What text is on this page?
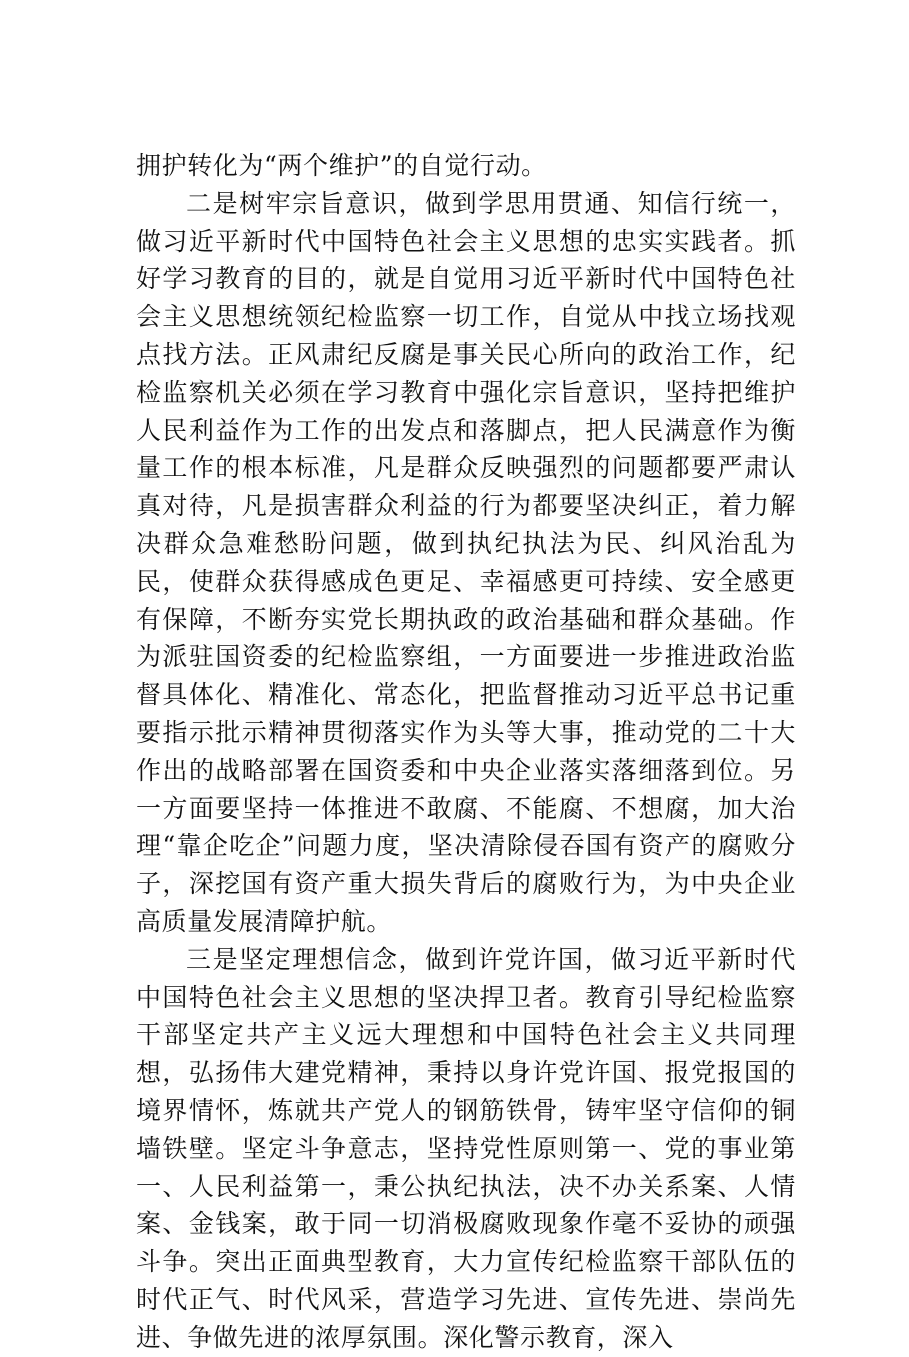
拥护转化为“两个维护”的自觉行动。

二是树牢宗旨意识，做到学思用贯通、知信行统一，做习近平新时代中国特色社会主义思想的忠实实践者。抓好学习教育的目的，就是自觉用习近平新时代中国特色社会主义思想统领纪检监察一切工作，自觉从中找立场找观点找方法。正风肃纪反腐是事关民心所向的政治工作，纪检监察机关必须在学习教育中强化宗旨意识，坚持把维护人民利益作为工作的出发点和落脚点，把人民满意作为衡量工作的根本标准，凡是群众反映强烈的问题都要严肃认真对待，凡是损害群众利益的行为都要坚决纠正，着力解决群众急难愁盼问题，做到执纪执法为民、纠风治乱为民，使群众获得感成色更足、幸福感更可持续、安全感更有保障，不断夯实党长期执政的政治基础和群众基础。作为派驻国资委的纪检监察组，一方面要进一步推进政治监督具体化、精准化、常态化，把监督推动习近平总书记重要指示批示精神贯彻落实作为头等大事，推动党的二十大作出的战略部署在国资委和中央企业落实落细落到位。另一方面要坚持一体推进不敢腐、不能腐、不想腐，加大治理“靠企吃企”问题力度，坚决清除侵吞国有资产的腐败分子，深挖国有资产重大损失背后的腐败行为，为中央企业高质量发展清障护航。

三是坚定理想信念，做到许党许国，做习近平新时代中国特色社会主义思想的坚决捍卫者。教育引导纪检监察干部坚定共产主义远大理想和中国特色社会主义共同理想，弘扬伟大建党精神，秉持以身许党许国、报党报国的境界情怀，炼就共产党人的钢筋铁骨，铸牢坚守信仰的铜墙铁壁。坚定斗争意志，坚持党性原则第一、党的事业第一、人民利益第一，秉公执纪执法，决不办关系案、人情案、金钱案，敢于同一切消极腐败现象作毫不妥协的顽强斗争。突出正面典型教育，大力宣传纪检监察干部队伍的时代正气、时代风采，营造学习先进、宣传先进、崇尚先进、争做先进的浓厚氛围。深化警示教育，深入
